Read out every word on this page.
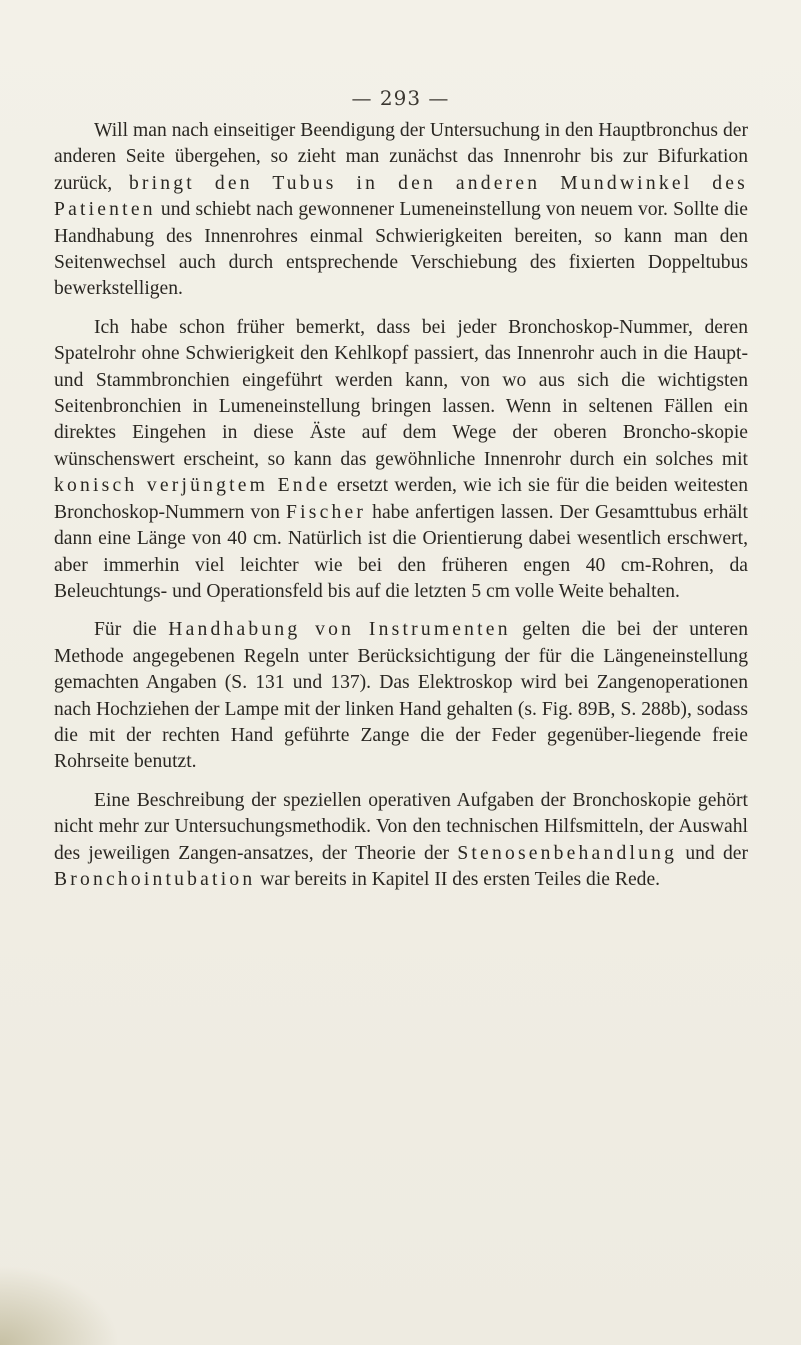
— 293 —

Will man nach einseitiger Beendigung der Untersuchung in den Hauptbronchus der anderen Seite übergehen, so zieht man zunächst das Innenrohr bis zur Bifurkation zurück, bringt den Tubus in den anderen Mundwinkel des Patienten und schiebt nach gewonnener Lumeneinstellung von neuem vor. Sollte die Handhabung des Innenrohres einmal Schwierigkeiten bereiten, so kann man den Seitenwechsel auch durch entsprechende Verschiebung des fixierten Doppeltubus bewerkstelligen.

Ich habe schon früher bemerkt, dass bei jeder Bronchoskop-Nummer, deren Spatelrohr ohne Schwierigkeit den Kehlkopf passiert, das Innenrohr auch in die Haupt- und Stammbronchien eingeführt werden kann, von wo aus sich die wichtigsten Seitenbronchien in Lumeneinstellung bringen lassen. Wenn in seltenen Fällen ein direktes Eingehen in diese Äste auf dem Wege der oberen Broncho-skopie wünschenswert erscheint, so kann das gewöhnliche Innenrohr durch ein solches mit konisch verjüngtem Ende ersetzt werden, wie ich sie für die beiden weitesten Bronchoskop-Nummern von Fischer habe anfertigen lassen. Der Gesamttubus erhält dann eine Länge von 40 cm. Natürlich ist die Orientierung dabei wesentlich erschwert, aber immerhin viel leichter wie bei den früheren engen 40 cm-Rohren, da Beleuchtungs- und Operationsfeld bis auf die letzten 5 cm volle Weite behalten.

Für die Handhabung von Instrumenten gelten die bei der unteren Methode angegebenen Regeln unter Berücksichtigung der für die Längeneinstellung gemachten Angaben (S. 131 und 137). Das Elektroskop wird bei Zangenoperationen nach Hochziehen der Lampe mit der linken Hand gehalten (s. Fig. 89B, S. 288b), sodass die mit der rechten Hand geführte Zange die der Feder gegenüber-liegende freie Rohrseite benutzt.

Eine Beschreibung der speziellen operativen Aufgaben der Bronchoskopie gehört nicht mehr zur Untersuchungsmethodik. Von den technischen Hilfsmitteln, der Auswahl des jeweiligen Zangen-ansatzes, der Theorie der Stenosenbehandlung und der Bronchointubation war bereits in Kapitel II des ersten Teiles die Rede.
